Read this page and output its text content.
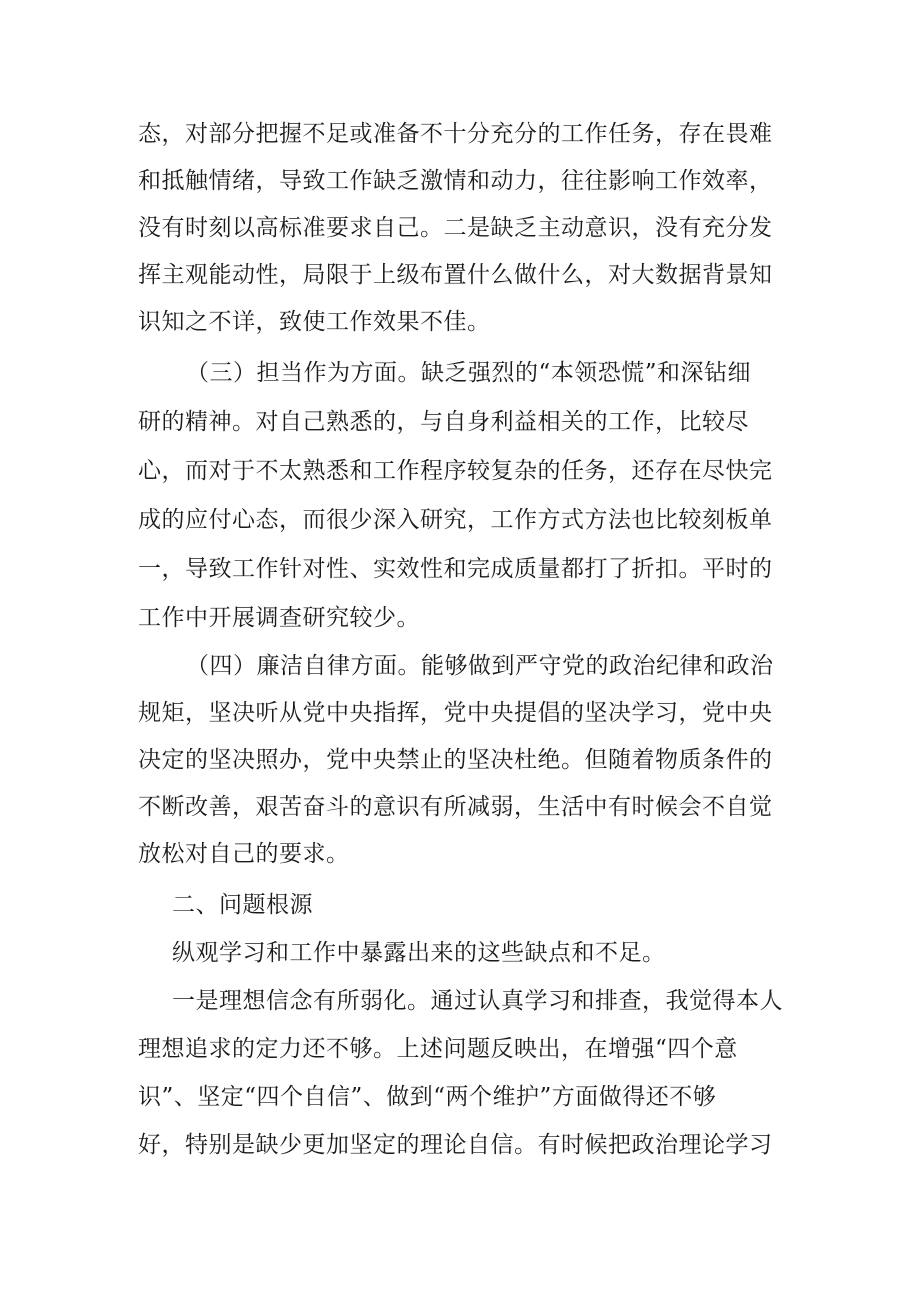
态，对部分把握不足或准备不十分充分的工作任务，存在畏难
和抵触情绪，导致工作缺乏激情和动力，往往影响工作效率，
没有时刻以高标准要求自己。二是缺乏主动意识，没有充分发
挥主观能动性，局限于上级布置什么做什么，对大数据背景知
识知之不详，致使工作效果不佳。
（三）担当作为方面。缺乏强烈的“本领恐慌”和深钻细
研的精神。对自己熟悉的，与自身利益相关的工作，比较尽
心，而对于不太熟悉和工作程序较复杂的任务，还存在尽快完
成的应付心态，而很少深入研究，工作方式方法也比较刻板单
一，导致工作针对性、实效性和完成质量都打了折扣。平时的
工作中开展调查研究较少。
（四）廉洁自律方面。能够做到严守党的政治纪律和政治
规矩，坚决听从党中央指挥，党中央提倡的坚决学习，党中央
决定的坚决照办，党中央禁止的坚决杜绝。但随着物质条件的
不断改善，艰苦奋斗的意识有所减弱，生活中有时候会不自觉
放松对自己的要求。
二、问题根源
纵观学习和工作中暴露出来的这些缺点和不足。
一是理想信念有所弱化。通过认真学习和排查，我觉得本人
理想追求的定力还不够。上述问题反映出，在增强“四个意
识”、坚定“四个自信”、做到“两个维护”方面做得还不够
好，特别是缺少更加坚定的理论自信。有时候把政治理论学习
